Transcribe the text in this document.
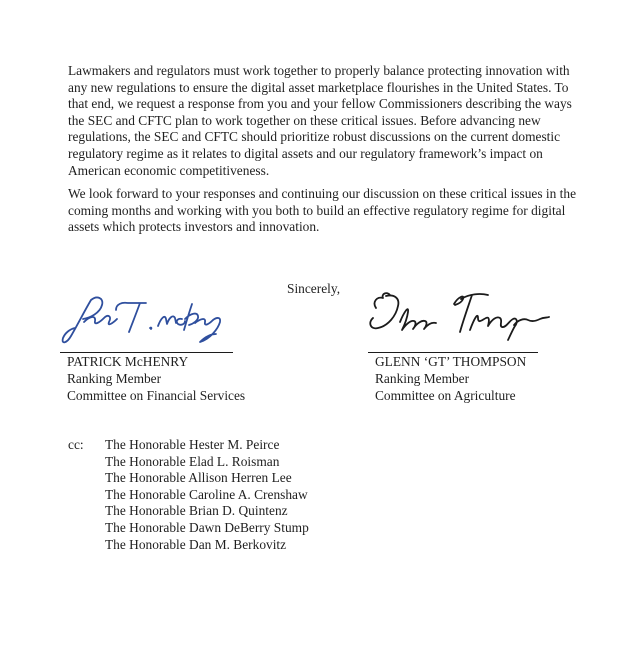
Lawmakers and regulators must work together to properly balance protecting innovation with any new regulations to ensure the digital asset marketplace flourishes in the United States. To that end, we request a response from you and your fellow Commissioners describing the ways the SEC and CFTC plan to work together on these critical issues. Before advancing new regulations, the SEC and CFTC should prioritize robust discussions on the current domestic regulatory regime as it relates to digital assets and our regulatory framework’s impact on American economic competitiveness.

We look forward to your responses and continuing our discussion on these critical issues in the coming months and working with you both to build an effective regulatory regime for digital assets which protects investors and innovation.

Sincerely,
PATRICK McHENRY
Ranking Member
Committee on Financial Services
GLENN ‘GT’ THOMPSON
Ranking Member
Committee on Agriculture
cc:	The Honorable Hester M. Peirce
The Honorable Elad L. Roisman
The Honorable Allison Herren Lee
The Honorable Caroline A. Crenshaw
The Honorable Brian D. Quintenz
The Honorable Dawn DeBerry Stump
The Honorable Dan M. Berkovitz
